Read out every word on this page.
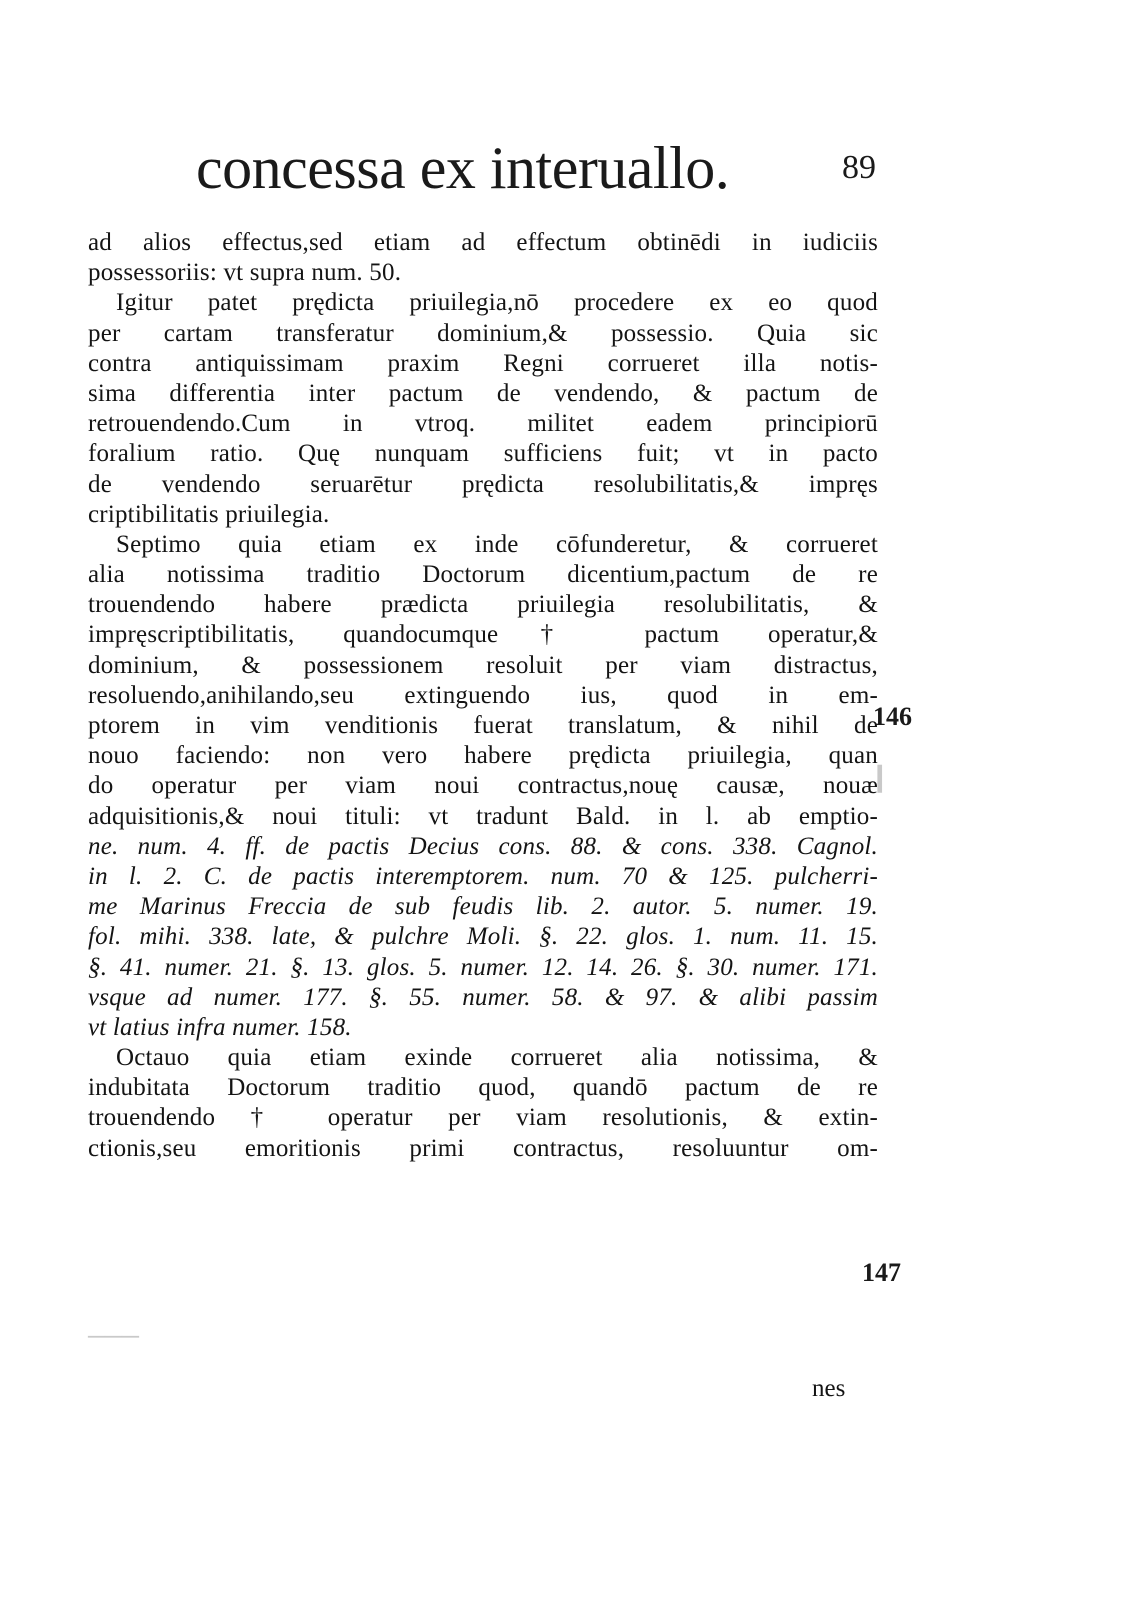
❙
───
concessa ex interuallo.	89
ad alios effectus,sed etiam ad effectum obtinēdi in iudiciis
possessoriis: vt supra num. 50.
Igitur patet prędicta priuilegia,nō procedere ex eo quod
per cartam transferatur dominium,& possessio. Quia sic
contra antiquissimam praxim Regni corrueret illa notis-
sima differentia inter pactum de vendendo, & pactum de
retrouendendo.Cum in vtroq. militet eadem principiorū
foralium ratio. Quę nunquam sufficiens fuit; vt in pacto
de vendendo seruarētur prędicta resolubilitatis,& impręs
criptibilitatis priuilegia.
Septimo quia etiam ex inde cōfunderetur, & corrueret
alia notissima traditio Doctorum dicentium,pactum de re
trouendendo habere prædicta priuilegia resolubilitatis, &
impręscriptibilitatis, quandocumque† pactum operatur,&
dominium, & possessionem resoluit per viam distractus,
resoluendo,anihilando,seu extinguendo ius, quod in em-
ptorem in vim venditionis fuerat translatum, & nihil de
nouo faciendo: non vero habere prędicta priuilegia, quan
do operatur per viam noui contractus,nouę causæ, nouæ
adquisitionis,& noui tituli: vt tradunt Bald. in l. ab emptio-
ne. num. 4. ff. de pactis Decius cons. 88. & cons. 338. Cagnol.
in l. 2. C. de pactis interemptorem. num. 70 & 125. pulcherri-
me Marinus Freccia de sub feudis lib. 2. autor. 5. numer. 19.
fol. mihi. 338. late, & pulchre Moli. §. 22. glos. 1. num. 11. 15.
§. 41. numer. 21. §. 13. glos. 5. numer. 12. 14. 26. §. 30. numer. 171.
vsque ad numer. 177. §. 55. numer. 58. & 97. & alibi passim
vt latius infra numer. 158.
Octauo quia etiam exinde corrueret alia notissima, &
indubitata Doctorum traditio quod, quandō pactum de re
trouendendo † operatur per viam resolutionis, & extin-
ctionis,seu emoritionis primi contractus, resoluuntur om-
146
147
nes
